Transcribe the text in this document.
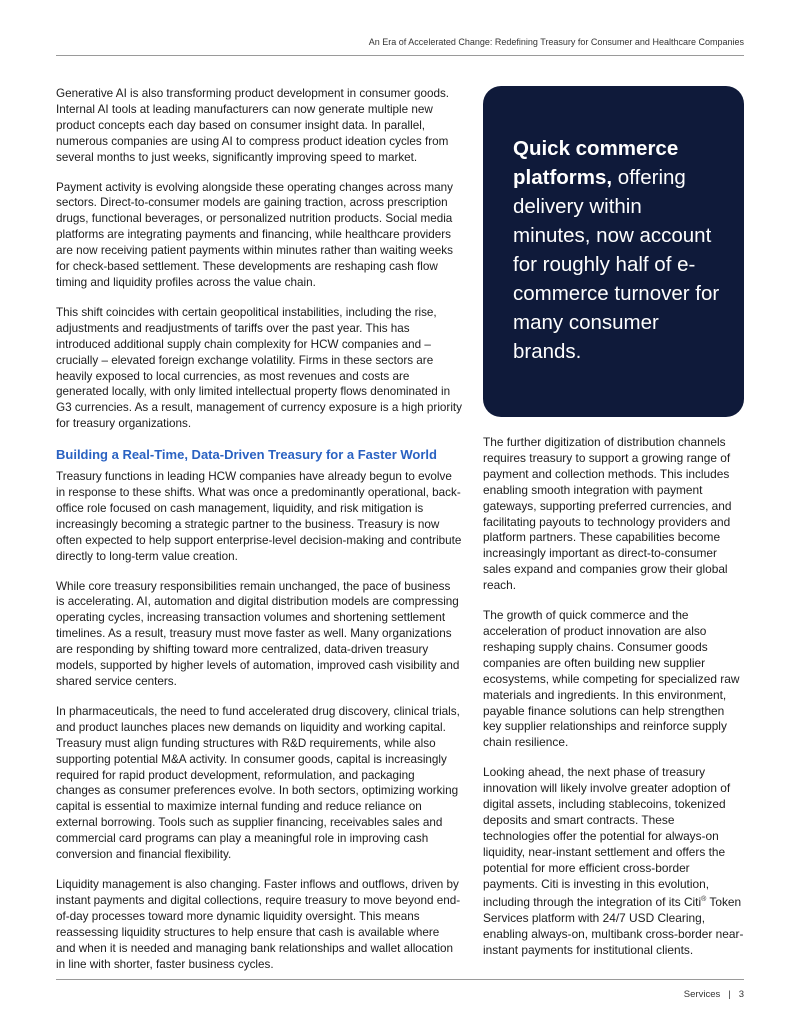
An Era of Accelerated Change: Redefining Treasury for Consumer and Healthcare Companies

Generative AI is also transforming product development in consumer goods. Internal AI tools at leading manufacturers can now generate multiple new product concepts each day based on consumer insight data. In parallel, numerous companies are using AI to compress product ideation cycles from several months to just weeks, significantly improving speed to market.

Payment activity is evolving alongside these operating changes across many sectors. Direct-to-consumer models are gaining traction, across prescription drugs, functional beverages, or personalized nutrition products. Social media platforms are integrating payments and financing, while healthcare providers are now receiving patient payments within minutes rather than waiting weeks for check-based settlement. These developments are reshaping cash flow timing and liquidity profiles across the value chain.

This shift coincides with certain geopolitical instabilities, including the rise, adjustments and readjustments of tariffs over the past year. This has introduced additional supply chain complexity for HCW companies and – crucially – elevated foreign exchange volatility. Firms in these sectors are heavily exposed to local currencies, as most revenues and costs are generated locally, with only limited intellectual property flows denominated in G3 currencies. As a result, management of currency exposure is a high priority for treasury organizations.

Building a Real-Time, Data-Driven Treasury for a Faster World

Treasury functions in leading HCW companies have already begun to evolve in response to these shifts. What was once a predominantly operational, back-office role focused on cash management, liquidity, and risk mitigation is increasingly becoming a strategic partner to the business. Treasury is now often expected to help support enterprise-level decision-making and contribute directly to long-term value creation.

While core treasury responsibilities remain unchanged, the pace of business is accelerating. AI, automation and digital distribution models are compressing operating cycles, increasing transaction volumes and shortening settlement timelines. As a result, treasury must move faster as well. Many organizations are responding by shifting toward more centralized, data-driven treasury models, supported by higher levels of automation, improved cash visibility and shared service centers.

In pharmaceuticals, the need to fund accelerated drug discovery, clinical trials, and product launches places new demands on liquidity and working capital. Treasury must align funding structures with R&D requirements, while also supporting potential M&A activity. In consumer goods, capital is increasingly required for rapid product development, reformulation, and packaging changes as consumer preferences evolve. In both sectors, optimizing working capital is essential to maximize internal funding and reduce reliance on external borrowing. Tools such as supplier financing, receivables sales and commercial card programs can play a meaningful role in improving cash conversion and financial flexibility.

Liquidity management is also changing. Faster inflows and outflows, driven by instant payments and digital collections, require treasury to move beyond end-of-day processes toward more dynamic liquidity oversight. This means reassessing liquidity structures to help ensure that cash is available where and when it is needed and managing bank relationships and wallet allocation in line with shorter, faster business cycles.

Quick commerce platforms, offering delivery within minutes, now account for roughly half of e-commerce turnover for many consumer brands.

The further digitization of distribution channels requires treasury to support a growing range of payment and collection methods. This includes enabling smooth integration with payment gateways, supporting preferred currencies, and facilitating payouts to technology providers and platform partners. These capabilities become increasingly important as direct-to-consumer sales expand and companies grow their global reach.

The growth of quick commerce and the acceleration of product innovation are also reshaping supply chains. Consumer goods companies are often building new supplier ecosystems, while competing for specialized raw materials and ingredients. In this environment, payable finance solutions can help strengthen key supplier relationships and reinforce supply chain resilience.

Looking ahead, the next phase of treasury innovation will likely involve greater adoption of digital assets, including stablecoins, tokenized deposits and smart contracts. These technologies offer the potential for always-on liquidity, near-instant settlement and offers the potential for more efficient cross-border payments. Citi is investing in this evolution, including through the integration of its Citi® Token Services platform with 24/7 USD Clearing, enabling always-on, multibank cross-border near-instant payments for institutional clients.

Services | 3
